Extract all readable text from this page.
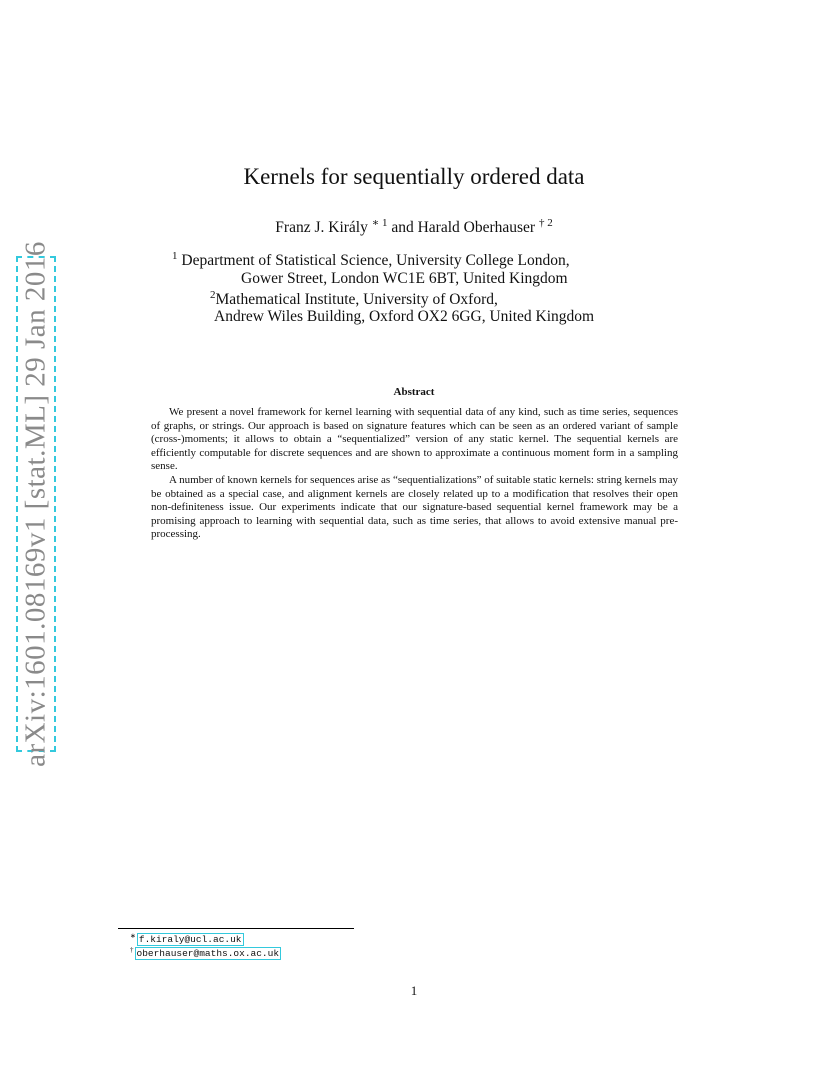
arXiv:1601.08169v1 [stat.ML] 29 Jan 2016
Kernels for sequentially ordered data
Franz J. Király $^{∗ 1}$ and Harald Oberhauser $^{\dagger 2}$
$^1$ Department of Statistical Science, University College London,
Gower Street, London WC1E 6BT, United Kingdom
$^2$Mathematical Institute, University of Oxford,
Andrew Wiles Building, Oxford OX2 6GG, United Kingdom
Abstract

We present a novel framework for kernel learning with sequential data of any kind, such as time series, sequences of graphs, or strings. Our approach is based on signature features which can be seen as an ordered variant of sample (cross-)moments; it allows to obtain a “sequentialized” version of any static kernel. The sequential kernels are efficiently computable for discrete sequences and are shown to approximate a continuous moment form in a sampling sense.

A number of known kernels for sequences arise as “sequentializations” of suitable static kernels: string kernels may be obtained as a special case, and alignment kernels are closely related up to a modification that resolves their open non-definiteness issue. Our experiments indicate that our signature-based sequential kernel framework may be a promising approach to learning with sequential data, such as time series, that allows to avoid extensive manual pre-processing.

∗ f.kiraly@ucl.ac.uk
† oberhauser@maths.ox.ac.uk
1
